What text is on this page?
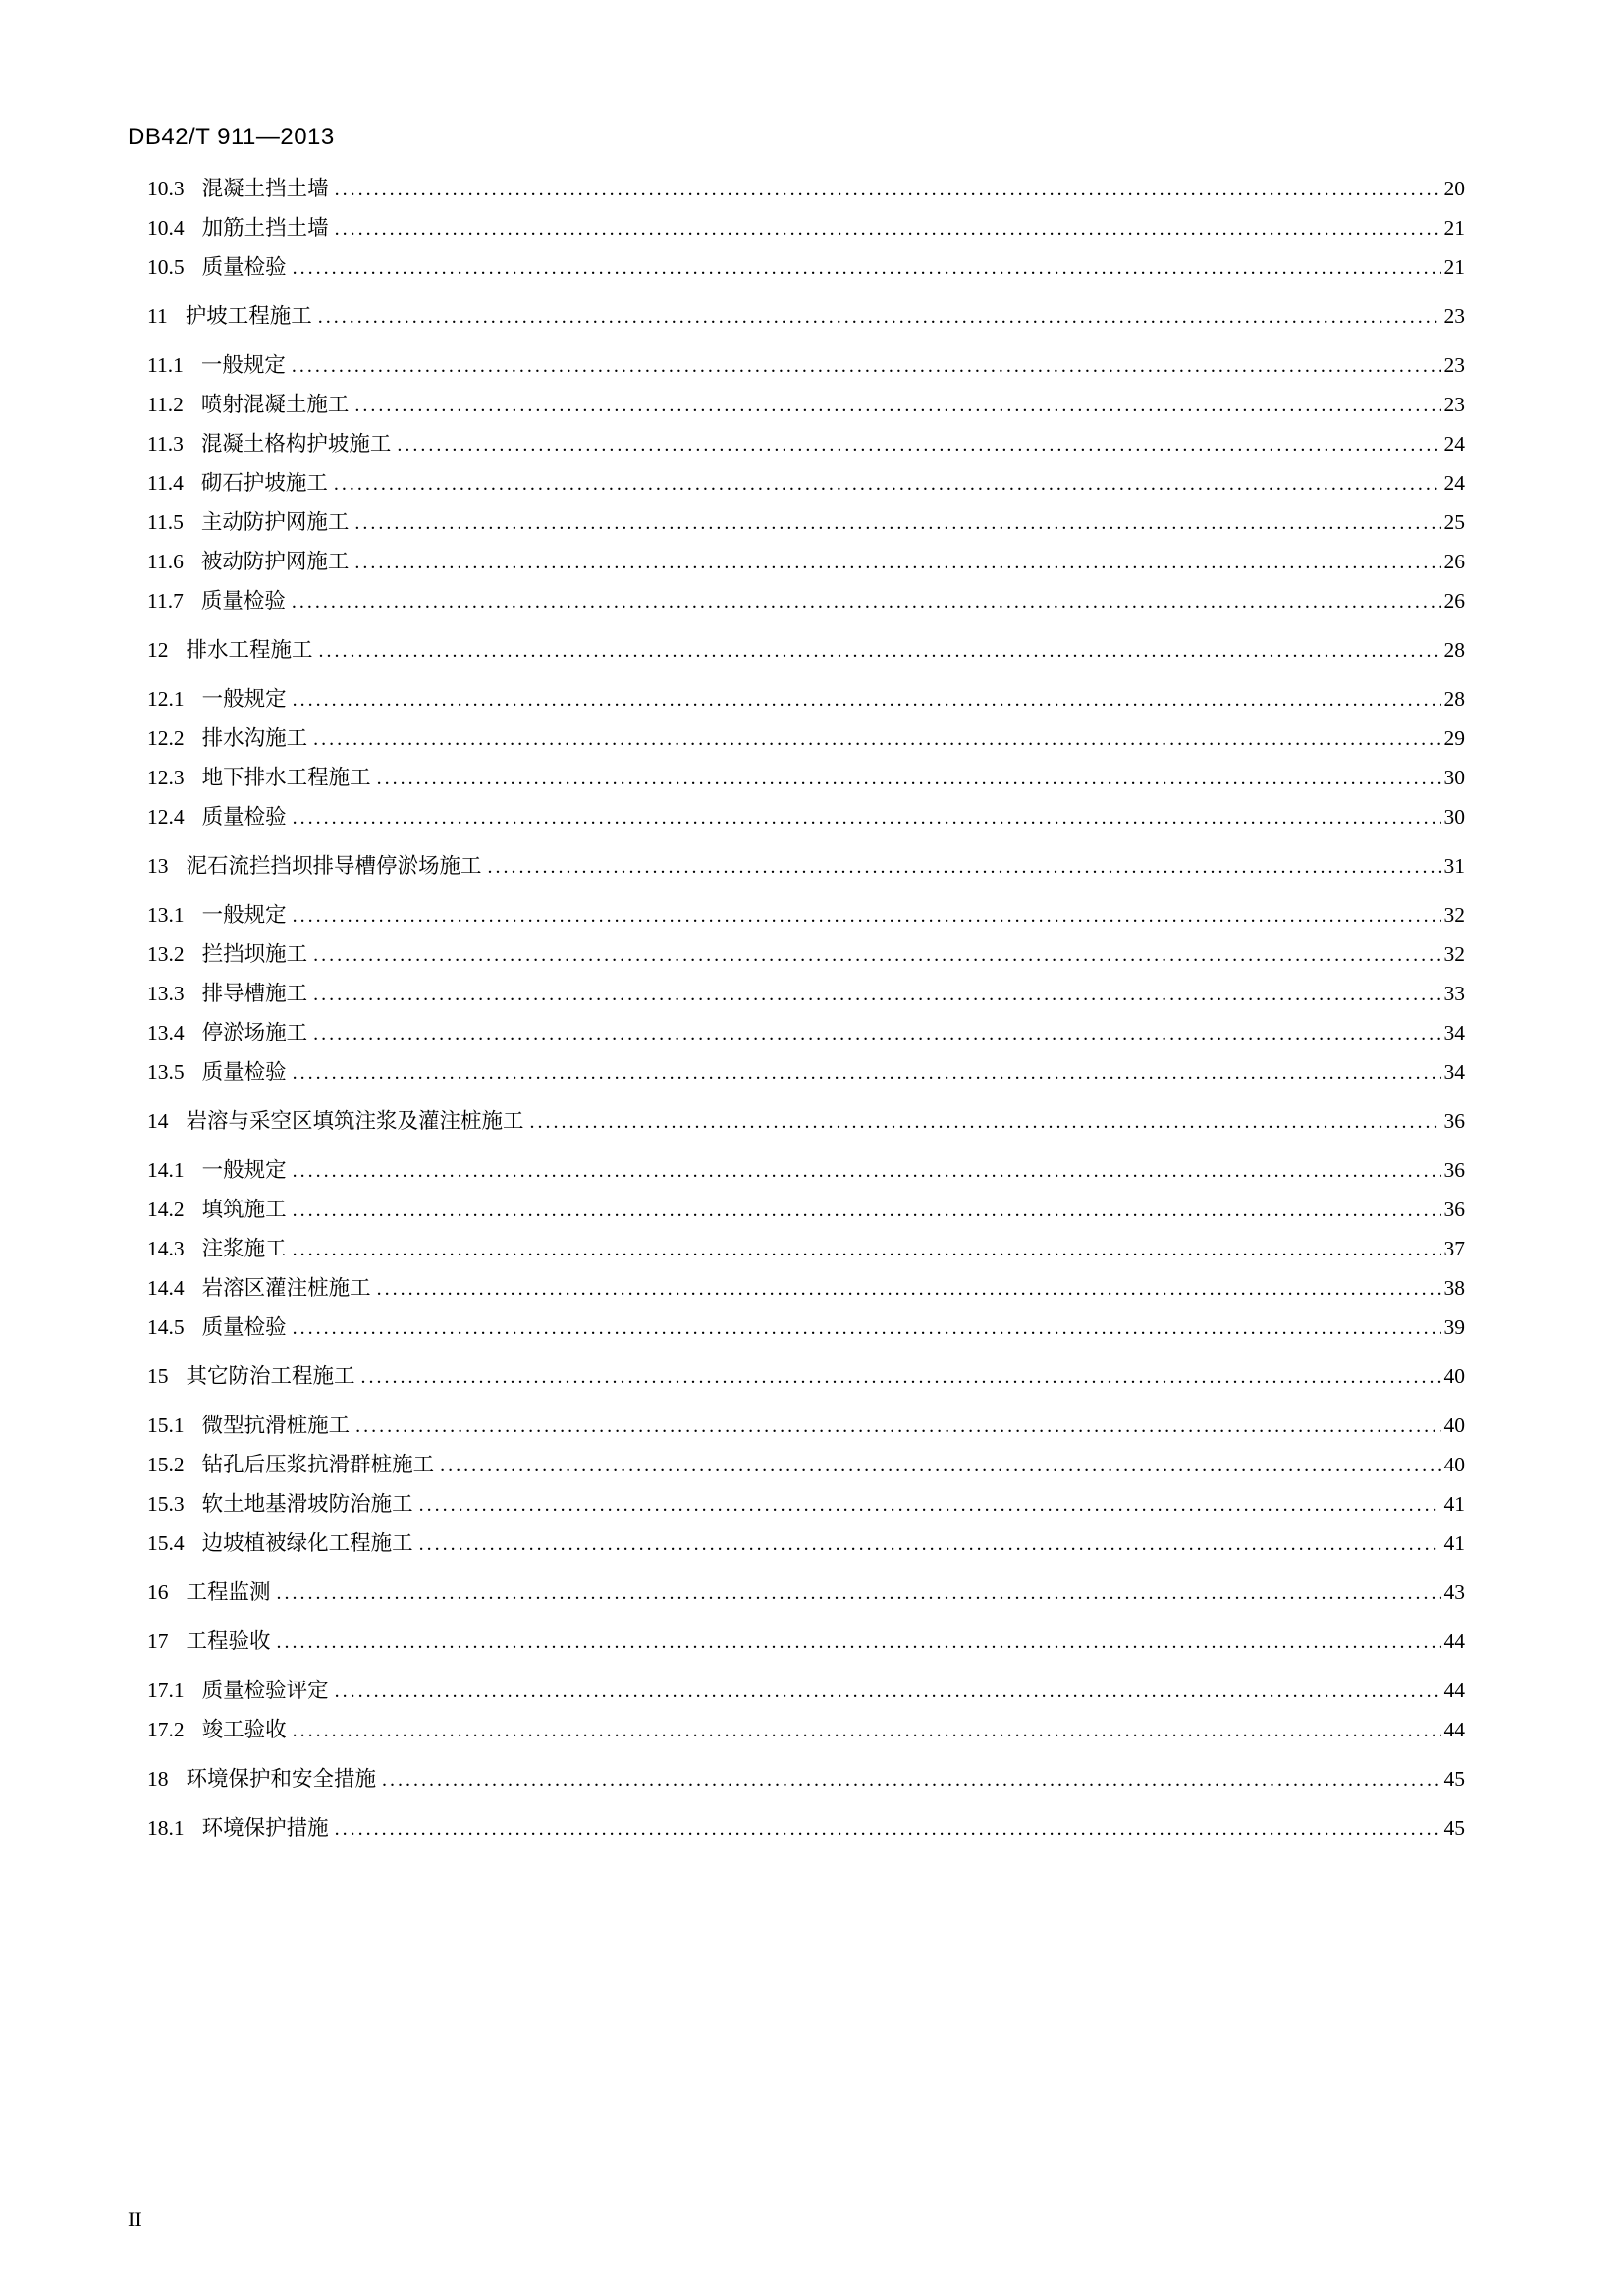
DB42/T 911—2013
10.3 混凝土挡土墙 .....	20
10.4 加筋土挡土墙 .....	21
10.5 质量检验 .....	21
11 护坡工程施工 .....	23
11.1 一般规定 .....	23
11.2 喷射混凝土施工 .....	23
11.3 混凝土格构护坡施工 .....	24
11.4 砌石护坡施工 .....	24
11.5 主动防护网施工 .....	25
11.6 被动防护网施工 .....	26
11.7 质量检验 .....	26
12 排水工程施工 .....	28
12.1 一般规定 .....	28
12.2 排水沟施工 .....	29
12.3 地下排水工程施工 .....	30
12.4 质量检验 .....	30
13 泥石流拦挡坝排导槽停淤场施工 .....	31
13.1 一般规定 .....	32
13.2 拦挡坝施工 .....	32
13.3 排导槽施工 .....	33
13.4 停淤场施工 .....	34
13.5 质量检验 .....	34
14 岩溶与采空区填筑注浆及灌注桩施工 .....	36
14.1 一般规定 .....	36
14.2 填筑施工 .....	36
14.3 注浆施工 .....	37
14.4 岩溶区灌注桩施工 .....	38
14.5 质量检验 .....	39
15 其它防治工程施工 .....	40
15.1 微型抗滑桩施工 .....	40
15.2 钻孔后压浆抗滑群桩施工 .....	40
15.3 软土地基滑坡防治施工 .....	41
15.4 边坡植被绿化工程施工 .....	41
16 工程监测 .....	43
17 工程验收 .....	44
17.1 质量检验评定 .....	44
17.2 竣工验收 .....	44
18 环境保护和安全措施 .....	45
18.1 环境保护措施 .....	45
II
